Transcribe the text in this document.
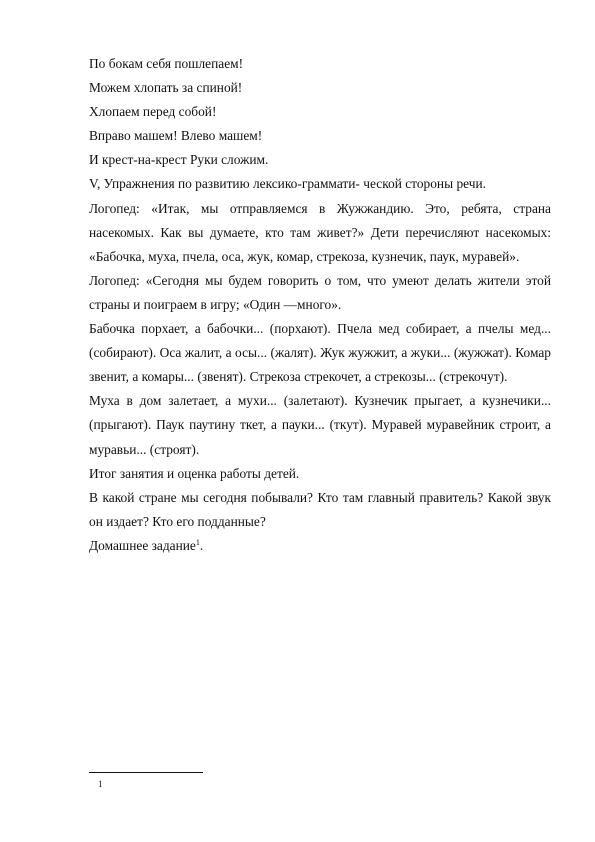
По бокам себя пошлепаем!

Можем хлопать за спиной!

Хлопаем перед собой!

Вправо машем! Влево машем!

И крест-на-крест Руки сложим.

V, Упражнения по развитию лексико-граммати- ческой стороны речи.

Логопед: «Итак, мы отправляемся в Жужжандию. Это, ребята, страна насекомых. Как вы думаете, кто там живет?» Дети перечисляют насекомых: «Бабочка, муха, пчела, оса, жук, комар, стрекоза, кузнечик, паук, муравей».

Логопед: «Сегодня мы будем говорить о том, что умеют делать жители этой страны и поиграем в игру; «Один —много».

Бабочка порхает, а бабочки... (порхают). Пчела мед собирает, а пчелы мед... (собирают). Оса жалит, а осы... (жалят). Жук жужжит, а жуки... (жужжат). Комар звенит, а комары... (звенят). Стрекоза стрекочет, а стрекозы... (стрекочут).

Муха в дом залетает, а мухи... (залетают). Кузнечик прыгает, а кузнечики... (прыгают). Паук паутину ткет, а пауки... (ткут). Муравей муравейник строит, а муравьи... (строят).

Итог занятия и оценка работы детей.

В какой стране мы сегодня побывали? Кто там главный правитель? Какой звук он издает? Кто его подданные?

Домашнее задание$^1$.

1
